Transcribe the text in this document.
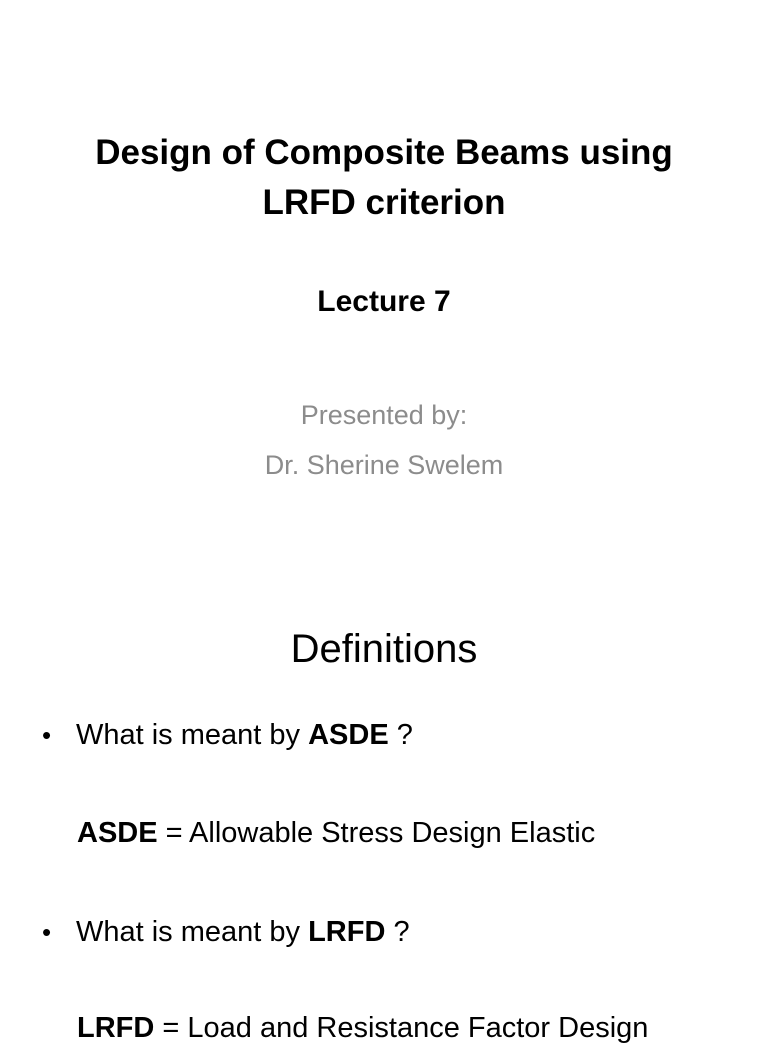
Design of Composite Beams using
LRFD criterion
Lecture 7
Presented by:
Dr. Sherine Swelem
Definitions
• What is meant by ASDE ?
ASDE = Allowable Stress Design Elastic
• What is meant by LRFD ?
LRFD = Load and Resistance Factor Design
